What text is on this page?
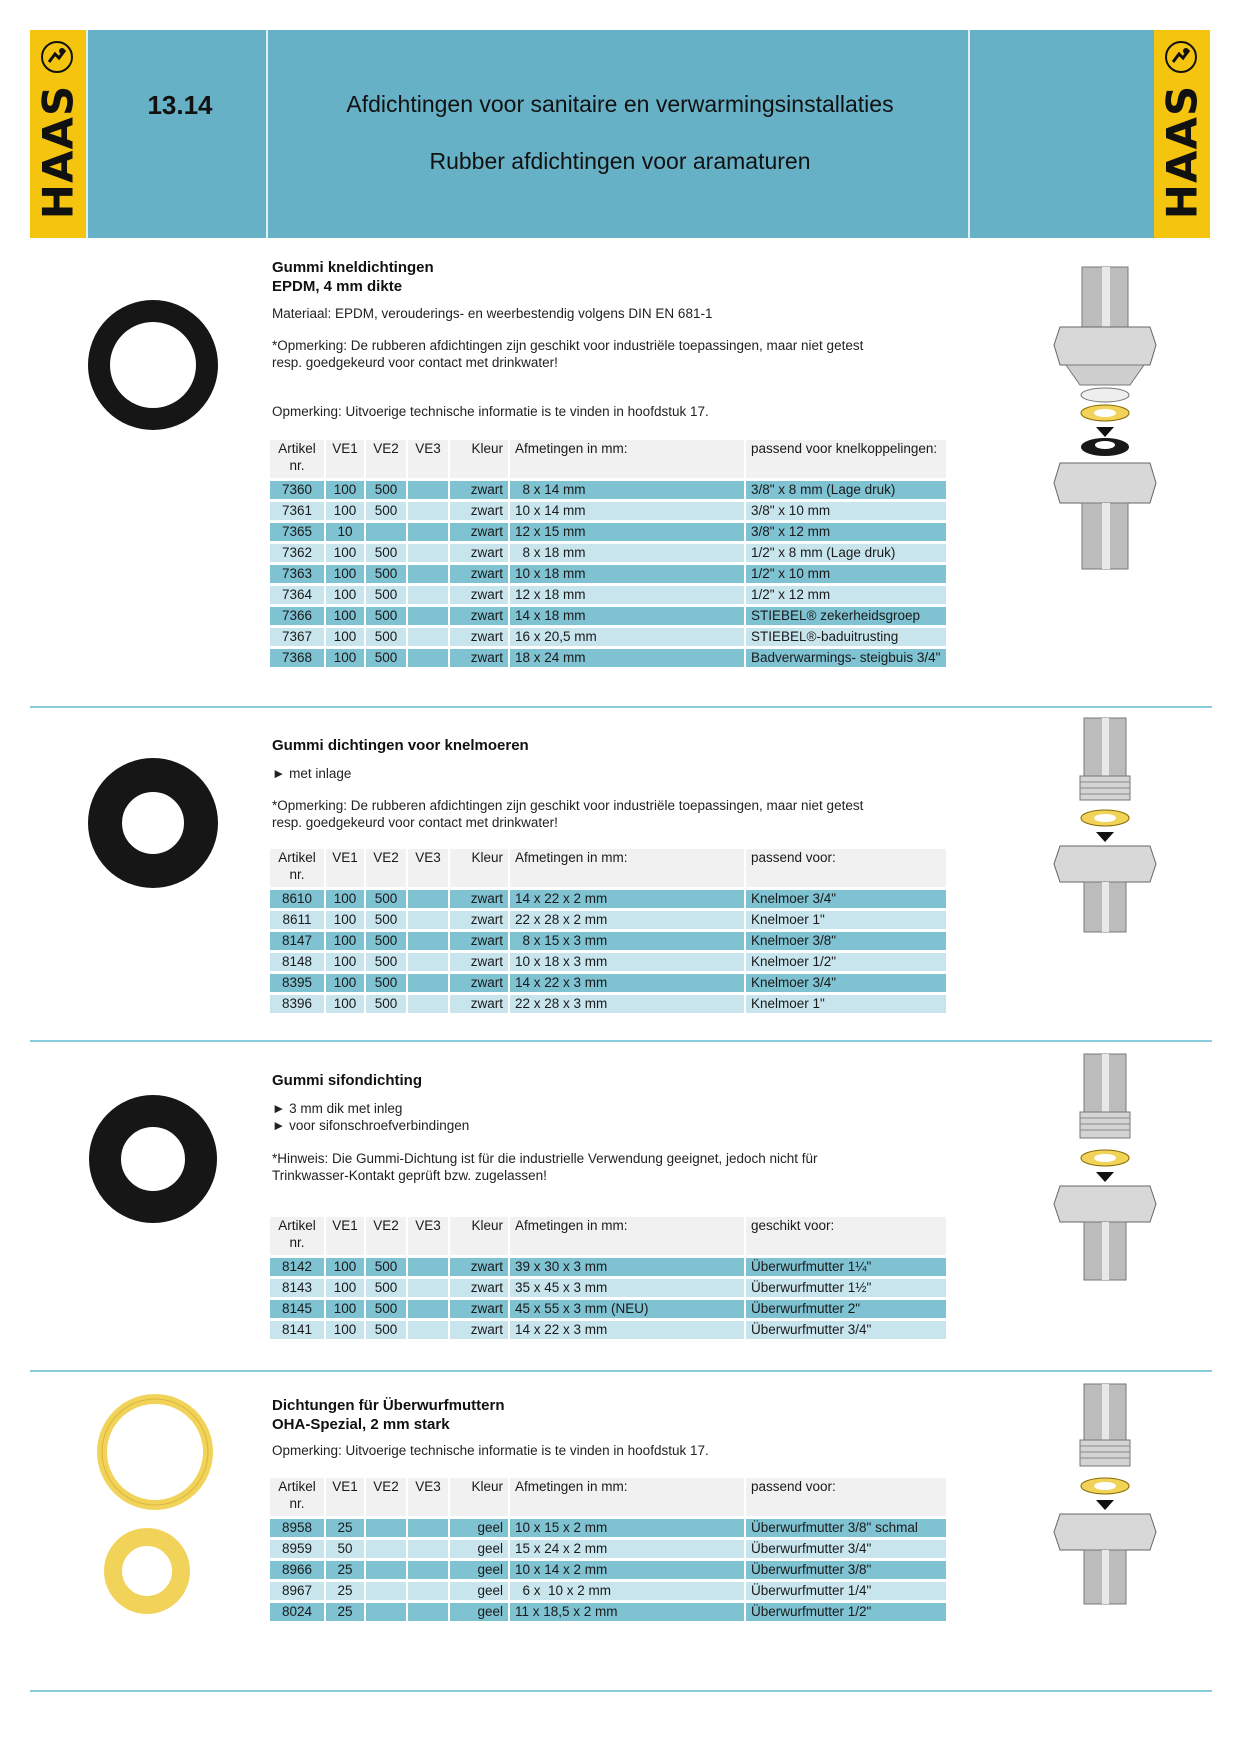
HAAS	HAAS
13.14	Afdichtingen voor sanitaire en verwarmingsinstallaties
Rubber afdichtingen voor aramaturen
Gummi kneldichtingen
EPDM, 4 mm dikte
Materiaal: EPDM, verouderings- en weerbestendig volgens DIN EN 681-1
*Opmerking: De rubberen afdichtingen zijn geschikt voor industriële toepassingen, maar niet getest
resp. goedgekeurd voor contact met drinkwater!
Opmerking: Uitvoerige technische informatie is te vinden in hoofdstuk 17.
Artikel nr.	VE1	VE2	VE3	Kleur	Afmetingen in mm:	passend voor knelkoppelingen:
7360	100	500		zwart	8 x 14 mm	3/8" x 8 mm (Lage druk)
7361	100	500		zwart	10 x 14 mm	3/8" x 10 mm
7365	10			zwart	12 x 15 mm	3/8" x 12 mm
7362	100	500		zwart	8 x 18 mm	1/2" x 8 mm (Lage druk)
7363	100	500		zwart	10 x 18 mm	1/2" x 10 mm
7364	100	500		zwart	12 x 18 mm	1/2" x 12 mm
7366	100	500		zwart	14 x 18 mm	STIEBEL® zekerheidsgroep
7367	100	500		zwart	16 x 20,5 mm	STIEBEL®-baduitrusting
7368	100	500		zwart	18 x 24 mm	Badverwarmings- steigbuis 3/4"
Gummi dichtingen voor knelmoeren
► met inlage
*Opmerking: De rubberen afdichtingen zijn geschikt voor industriële toepassingen, maar niet getest
resp. goedgekeurd voor contact met drinkwater!
Artikel nr.	VE1	VE2	VE3	Kleur	Afmetingen in mm:	passend voor:
8610	100	500		zwart	14 x 22 x 2 mm	Knelmoer 3/4"
8611	100	500		zwart	22 x 28 x 2 mm	Knelmoer 1"
8147	100	500		zwart	8 x 15 x 3 mm	Knelmoer 3/8"
8148	100	500		zwart	10 x 18 x 3 mm	Knelmoer 1/2"
8395	100	500		zwart	14 x 22 x 3 mm	Knelmoer 3/4"
8396	100	500		zwart	22 x 28 x 3 mm	Knelmoer 1"
Gummi sifondichting
► 3 mm dik met inleg
► voor sifonschroefverbindingen
*Hinweis: Die Gummi-Dichtung ist für die industrielle Verwendung geeignet, jedoch nicht für
Trinkwasser-Kontakt geprüft bzw. zugelassen!
Artikel nr.	VE1	VE2	VE3	Kleur	Afmetingen in mm:	geschikt voor:
8142	100	500		zwart	39 x 30 x 3 mm	Überwurfmutter 1¼"
8143	100	500		zwart	35 x 45 x 3 mm	Überwurfmutter 1½"
8145	100	500		zwart	45 x 55 x 3 mm (NEU)	Überwurfmutter 2"
8141	100	500		zwart	14 x 22 x 3 mm	Überwurfmutter 3/4"
Dichtungen für Überwurfmuttern
OHA-Spezial, 2 mm stark
Opmerking: Uitvoerige technische informatie is te vinden in hoofdstuk 17.
Artikel nr.	VE1	VE2	VE3	Kleur	Afmetingen in mm:	passend voor:
8958	25			geel	10 x 15 x 2 mm	Überwurfmutter 3/8" schmal
8959	50			geel	15 x 24 x 2 mm	Überwurfmutter 3/4"
8966	25			geel	10 x 14 x 2 mm	Überwurfmutter 3/8"
8967	25			geel	6 x  10 x 2 mm	Überwurfmutter 1/4"
8024	25			geel	11 x 18,5 x 2 mm	Überwurfmutter 1/2"
